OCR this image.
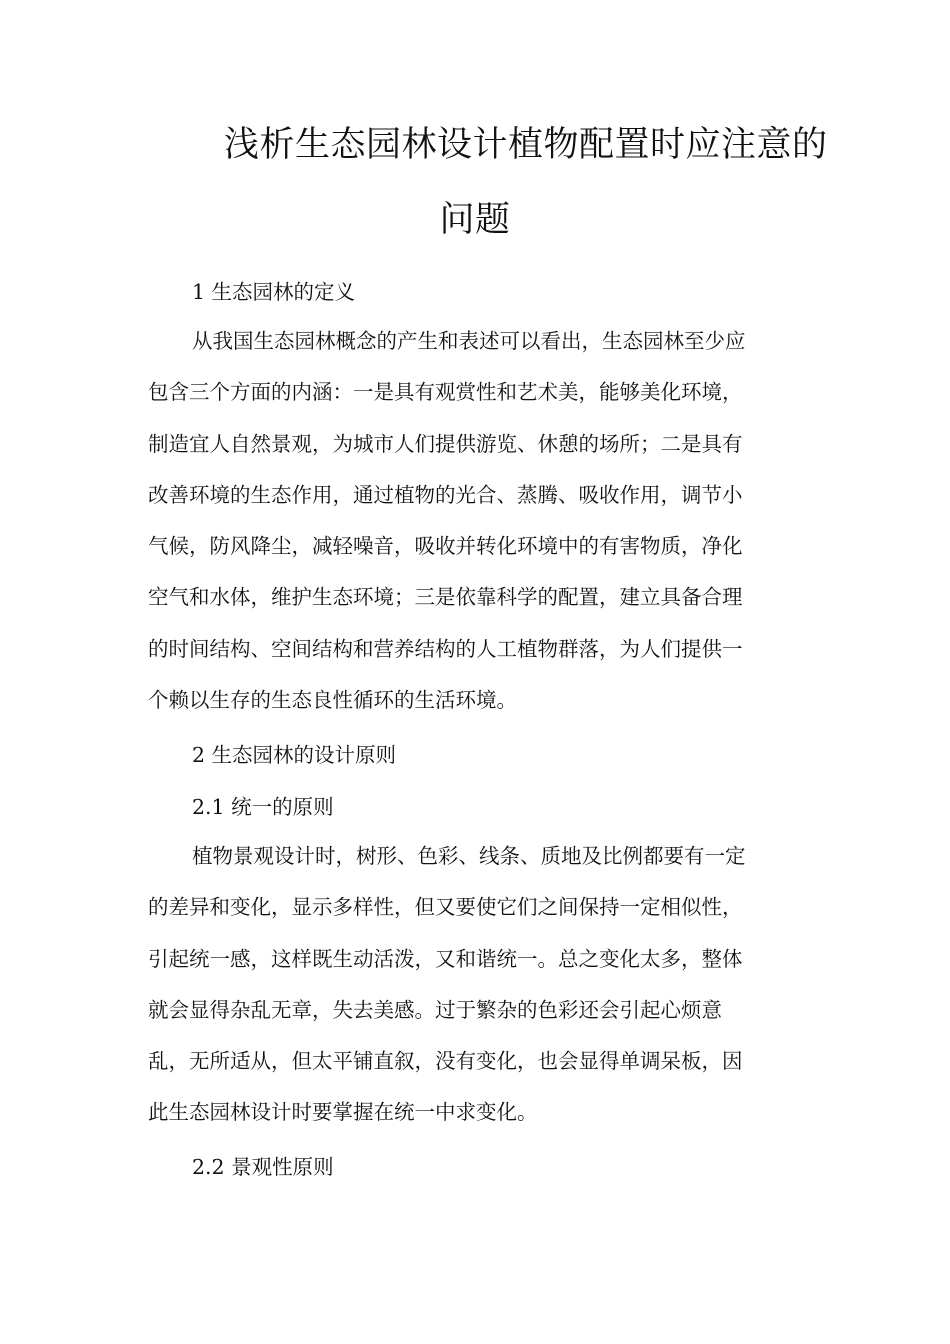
浅析生态园林设计植物配置时应注意的
问题
1 生态园林的定义
从我国生态园林概念的产生和表述可以看出，生态园林至少应
包含三个方面的内涵：一是具有观赏性和艺术美，能够美化环境，
制造宜人自然景观，为城市人们提供游览、休憩的场所；二是具有
改善环境的生态作用，通过植物的光合、蒸腾、吸收作用，调节小
气候，防风降尘，减轻噪音，吸收并转化环境中的有害物质，净化
空气和水体，维护生态环境；三是依靠科学的配置，建立具备合理
的时间结构、空间结构和营养结构的人工植物群落，为人们提供一
个赖以生存的生态良性循环的生活环境。
2 生态园林的设计原则
2.1 统一的原则
植物景观设计时，树形、色彩、线条、质地及比例都要有一定
的差异和变化，显示多样性，但又要使它们之间保持一定相似性，
引起统一感，这样既生动活泼，又和谐统一。总之变化太多，整体
就会显得杂乱无章，失去美感。过于繁杂的色彩还会引起心烦意
乱，无所适从，但太平铺直叙，没有变化，也会显得单调呆板，因
此生态园林设计时要掌握在统一中求变化。
2.2 景观性原则
